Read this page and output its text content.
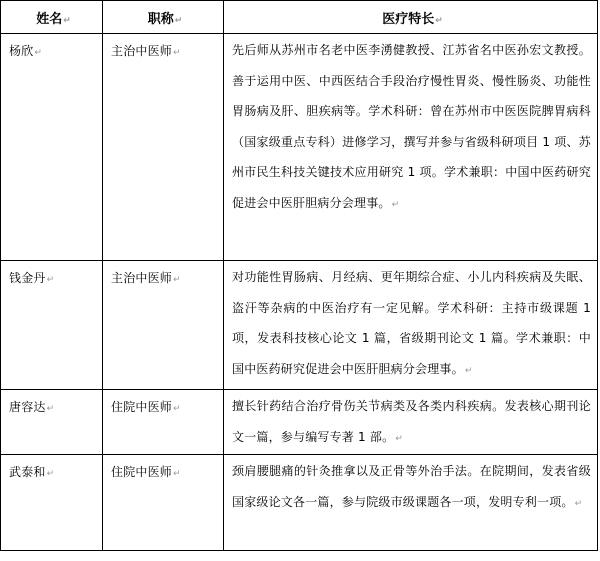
姓名↵	职称↵	医疗特长↵

杨欣↵	主治中医师↵	先后师从苏州市名老中医李湧健教授、江苏省名中医孙宏文教授。善于运用中医、中西医结合手段治疗慢性胃炎、慢性肠炎、功能性胃肠病及肝、胆疾病等。学术科研：曾在苏州市中医医院脾胃病科（国家级重点专科）进修学习，撰写并参与省级科研项目 1 项、苏州市民生科技关键技术应用研究 1 项。学术兼职：中国中医药研究促进会中医肝胆病分会理事。↵

钱金丹↵	主治中医师↵	对功能性胃肠病、月经病、更年期综合症、小儿内科疾病及失眠、盗汗等杂病的中医治疗有一定见解。学术科研：主持市级课题 1 项，发表科技核心论文 1 篇，省级期刊论文 1 篇。学术兼职：中国中医药研究促进会中医肝胆病分会理事。↵

唐容达↵	住院中医师↵	擅长针药结合治疗骨伤关节病类及各类内科疾病。发表核心期刊论文一篇，参与编写专著 1 部。↵

武泰和↵	住院中医师↵	颈肩腰腿痛的针灸推拿以及正骨等外治手法。在院期间，发表省级国家级论文各一篇，参与院级市级课题各一项，发明专利一项。↵
